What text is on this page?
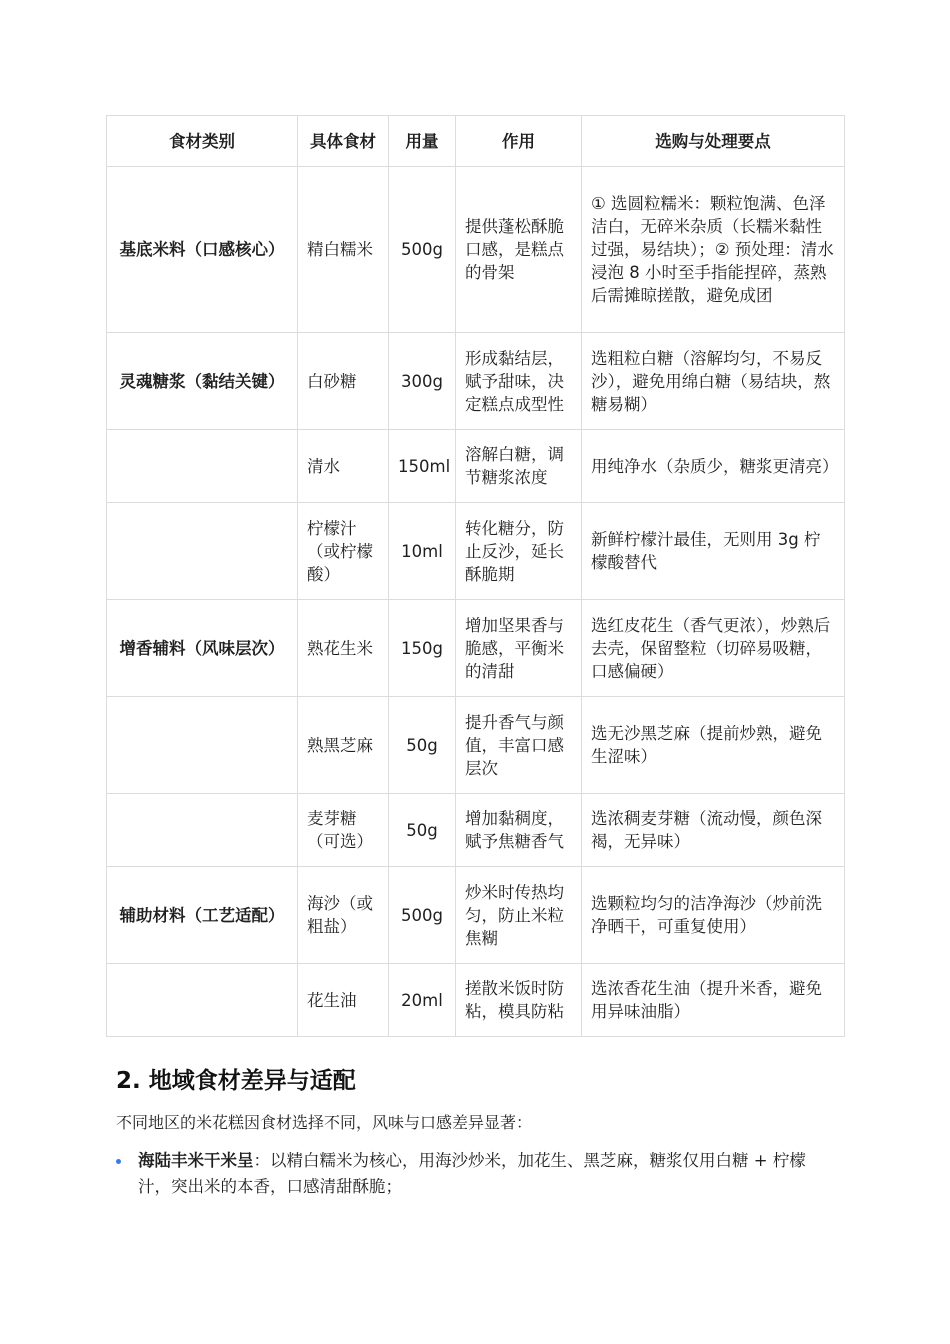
食材类别	具体食材	用量	作用	选购与处理要点
基底米料（口感核心）	精白糯米	500g	提供蓬松酥脆口感，是糕点的骨架	① 选圆粒糯米：颗粒饱满、色泽洁白，无碎米杂质（长糯米黏性过强，易结块）；② 预处理：清水浸泡 8 小时至手指能捏碎，蒸熟后需摊晾搓散，避免成团
灵魂糖浆（黏结关键）	白砂糖	300g	形成黏结层，赋予甜味，决定糕点成型性	选粗粒白糖（溶解均匀，不易反沙），避免用绵白糖（易结块，熬糖易糊）
	清水	150ml	溶解白糖，调节糖浆浓度	用纯净水（杂质少，糖浆更清亮）
	柠檬汁（或柠檬酸）	10ml	转化糖分，防止反沙，延长酥脆期	新鲜柠檬汁最佳，无则用 3g 柠檬酸替代
增香辅料（风味层次）	熟花生米	150g	增加坚果香与脆感，平衡米的清甜	选红皮花生（香气更浓），炒熟后去壳，保留整粒（切碎易吸糖，口感偏硬）
	熟黑芝麻	50g	提升香气与颜值，丰富口感层次	选无沙黑芝麻（提前炒熟，避免生涩味）
	麦芽糖（可选）	50g	增加黏稠度，赋予焦糖香气	选浓稠麦芽糖（流动慢，颜色深褐，无异味）
辅助材料（工艺适配）	海沙（或粗盐）	500g	炒米时传热均匀，防止米粒焦糊	选颗粒均匀的洁净海沙（炒前洗净晒干，可重复使用）
	花生油	20ml	搓散米饭时防粘，模具防粘	选浓香花生油（提升米香，避免用异味油脂）
2. 地域食材差异与适配

不同地区的米花糕因食材选择不同，风味与口感差异显著：

海陆丰米干米呈：以精白糯米为核心，用海沙炒米，加花生、黑芝麻，糖浆仅用白糖 + 柠檬汁，突出米的本香，口感清甜酥脆；
